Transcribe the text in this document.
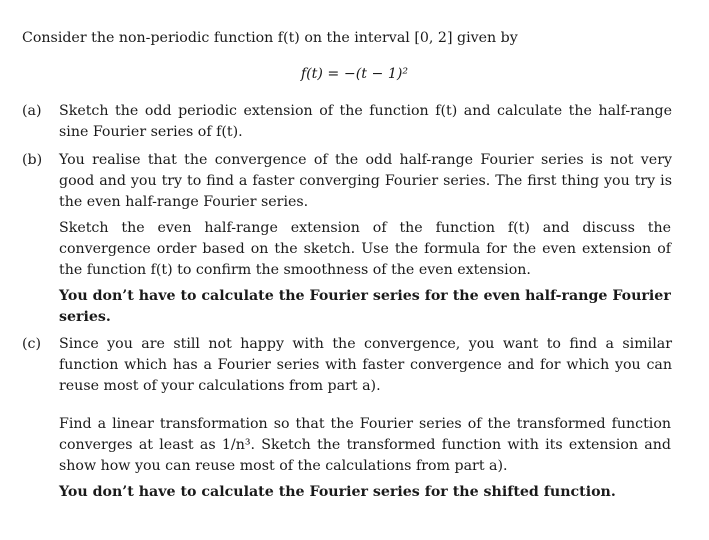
Consider the non-periodic function f(t) on the interval [0, 2] given by

f(t) = −(t − 1)²

(a)	Sketch the odd periodic extension of the function f(t) and calculate the half-range sine Fourier series of f(t).

(b)	You realise that the convergence of the odd half-range Fourier series is not very good and you try to find a faster converging Fourier series. The first thing you try is the even half-range Fourier series.

Sketch the even half-range extension of the function f(t) and discuss the convergence order based on the sketch. Use the formula for the even extension of the function f(t) to confirm the smoothness of the even extension.

You don’t have to calculate the Fourier series for the even half-range Fourier series.

(c)	Since you are still not happy with the convergence, you want to find a similar function which has a Fourier series with faster convergence and for which you can reuse most of your calculations from part a).

Find a linear transformation so that the Fourier series of the transformed function converges at least as 1/n³. Sketch the transformed function with its extension and show how you can reuse most of the calculations from part a).

You don’t have to calculate the Fourier series for the shifted function.
